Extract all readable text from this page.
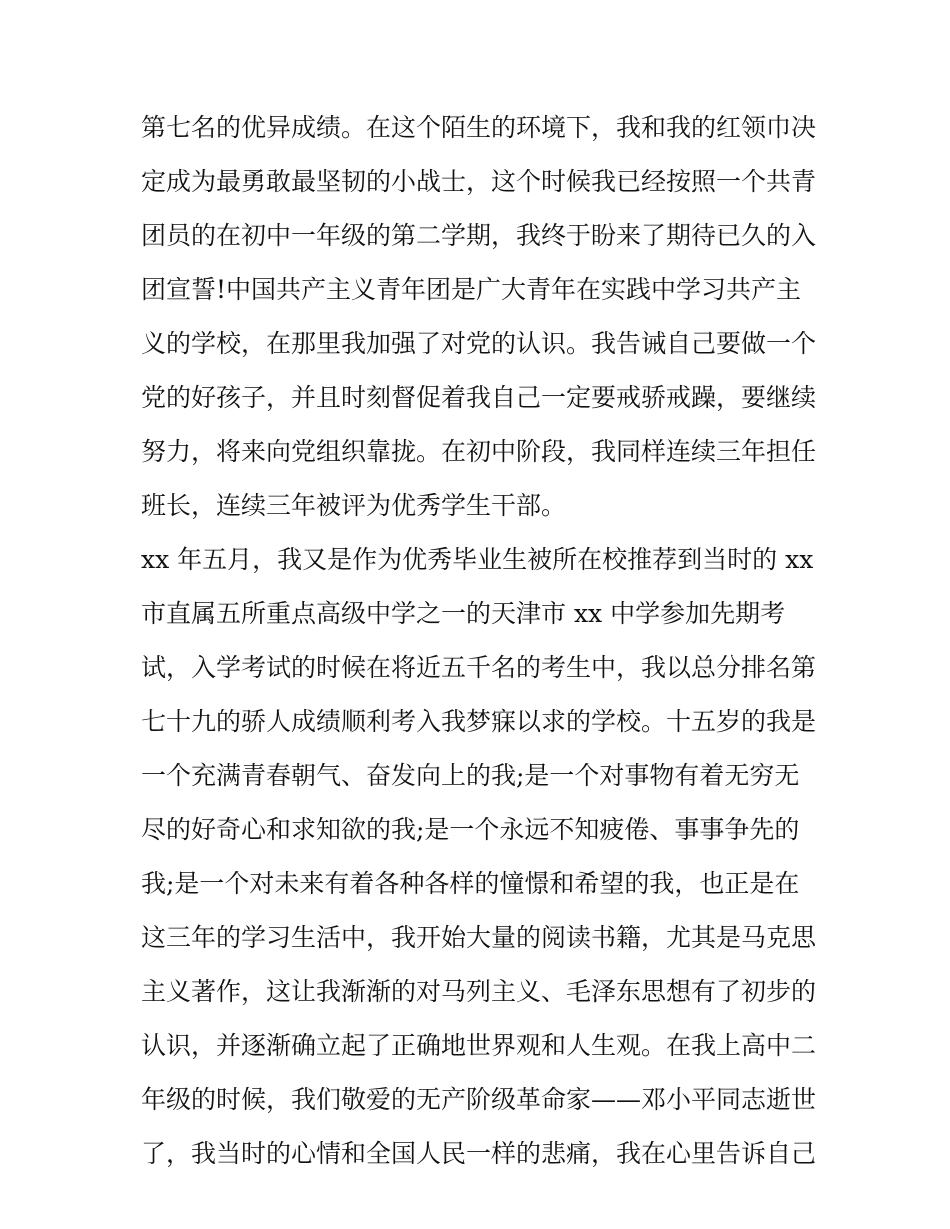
第七名的优异成绩。在这个陌生的环境下，我和我的红领巾决
定成为最勇敢最坚韧的小战士，这个时候我已经按照一个共青
团员的在初中一年级的第二学期，我终于盼来了期待已久的入
团宣誓!中国共产主义青年团是广大青年在实践中学习共产主
义的学校，在那里我加强了对党的认识。我告诫自己要做一个
党的好孩子，并且时刻督促着我自己一定要戒骄戒躁，要继续
努力，将来向党组织靠拢。在初中阶段，我同样连续三年担任
班长，连续三年被评为优秀学生干部。
xx 年五月，我又是作为优秀毕业生被所在校推荐到当时的 xx
市直属五所重点高级中学之一的天津市 xx 中学参加先期考
试，入学考试的时候在将近五千名的考生中，我以总分排名第
七十九的骄人成绩顺利考入我梦寐以求的学校。十五岁的我是
一个充满青春朝气、奋发向上的我;是一个对事物有着无穷无
尽的好奇心和求知欲的我;是一个永远不知疲倦、事事争先的
我;是一个对未来有着各种各样的憧憬和希望的我，也正是在
这三年的学习生活中，我开始大量的阅读书籍，尤其是马克思
主义著作，这让我渐渐的对马列主义、毛泽东思想有了初步的
认识，并逐渐确立起了正确地世界观和人生观。在我上高中二
年级的时候，我们敬爱的无产阶级革命家——邓小平同志逝世
了，我当时的心情和全国人民一样的悲痛，我在心里告诉自己
